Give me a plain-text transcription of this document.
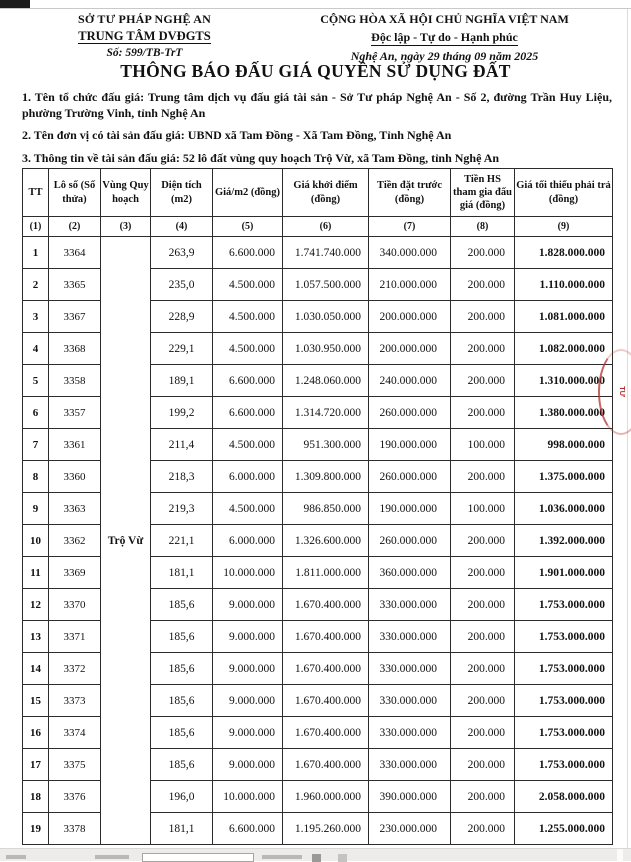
SỞ TƯ PHÁP NGHỆ AN
TRUNG TÂM DVĐGTS
Số: 599/TB-TrT
CỘNG HÒA XÃ HỘI CHỦ NGHĨA VIỆT NAM
Độc lập - Tự do - Hạnh phúc
Nghệ An, ngày 29 tháng 09 năm 2025
THÔNG BÁO ĐẤU GIÁ QUYỀN SỬ DỤNG ĐẤT
1. Tên tổ chức đấu giá: Trung tâm dịch vụ đấu giá tài sản - Sở Tư pháp Nghệ An - Số 2, đường Trần Huy Liệu, phường Trường Vinh, tỉnh Nghệ An
2. Tên đơn vị có tài sản đấu giá: UBND xã Tam Đồng - Xã Tam Đồng, Tỉnh Nghệ An
3. Thông tin về tài sản đấu giá: 52 lô đất vùng quy hoạch Trộ Vừ, xã Tam Đồng, tỉnh Nghệ An
TT	Lô số (Số thửa)	Vùng Quy hoạch	Diện tích (m2)	Giá/m2 (đồng)	Giá khởi điểm (đồng)	Tiền đặt trước (đồng)	Tiền HS tham gia đấu giá (đồng)	Giá tối thiểu phải trả (đồng)
(1)	(2)	(3)	(4)	(5)	(6)	(7)	(8)	(9)
1	3364	Trộ Vừ	263,9	6.600.000	1.741.740.000	340.000.000	200.000	1.828.000.000
2	3365		235,0	4.500.000	1.057.500.000	210.000.000	200.000	1.110.000.000
3	3367		228,9	4.500.000	1.030.050.000	200.000.000	200.000	1.081.000.000
4	3368		229,1	4.500.000	1.030.950.000	200.000.000	200.000	1.082.000.000
5	3358		189,1	6.600.000	1.248.060.000	240.000.000	200.000	1.310.000.000
6	3357		199,2	6.600.000	1.314.720.000	260.000.000	200.000	1.380.000.000
7	3361		211,4	4.500.000	951.300.000	190.000.000	100.000	998.000.000
8	3360		218,3	6.000.000	1.309.800.000	260.000.000	200.000	1.375.000.000
9	3363		219,3	4.500.000	986.850.000	190.000.000	100.000	1.036.000.000
10	3362		221,1	6.000.000	1.326.600.000	260.000.000	200.000	1.392.000.000
11	3369		181,1	10.000.000	1.811.000.000	360.000.000	200.000	1.901.000.000
12	3370		185,6	9.000.000	1.670.400.000	330.000.000	200.000	1.753.000.000
13	3371		185,6	9.000.000	1.670.400.000	330.000.000	200.000	1.753.000.000
14	3372		185,6	9.000.000	1.670.400.000	330.000.000	200.000	1.753.000.000
15	3373		185,6	9.000.000	1.670.400.000	330.000.000	200.000	1.753.000.000
16	3374		185,6	9.000.000	1.670.400.000	330.000.000	200.000	1.753.000.000
17	3375		185,6	9.000.000	1.670.400.000	330.000.000	200.000	1.753.000.000
18	3376		196,0	10.000.000	1.960.000.000	390.000.000	200.000	2.058.000.000
19	3378		181,1	6.600.000	1.195.260.000	230.000.000	200.000	1.255.000.000
TƯ
